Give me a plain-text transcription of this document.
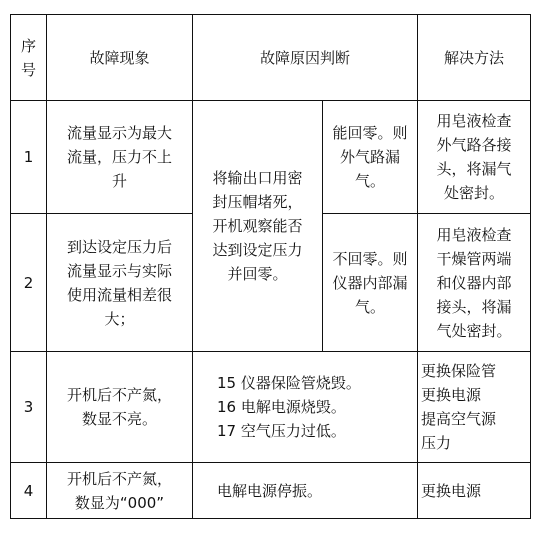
序
号	故障现象	故障原因判断		解决方法
1	流量显示为最大
流量，压力不上
升	将输出口用密
封压帽堵死，
开机观察能否
达到设定压力
并回零。	能回零。则
外气路漏
气。	用皂液检查
外气路各接
头，将漏气
处密封。
2	到达设定压力后
流量显示与实际
使用流量相差很
大；		不回零。则
仪器内部漏
气。	用皂液检查
干燥管两端
和仪器内部
接头，将漏
气处密封。
3	开机后不产氮，
数显不亮。	15 仪器保险管烧毁。
16 电解电源烧毁。
17 空气压力过低。		更换保险管
更换电源
提高空气源
压力
4	开机后不产氮，
数显为“000”	电解电源停振。		更换电源
